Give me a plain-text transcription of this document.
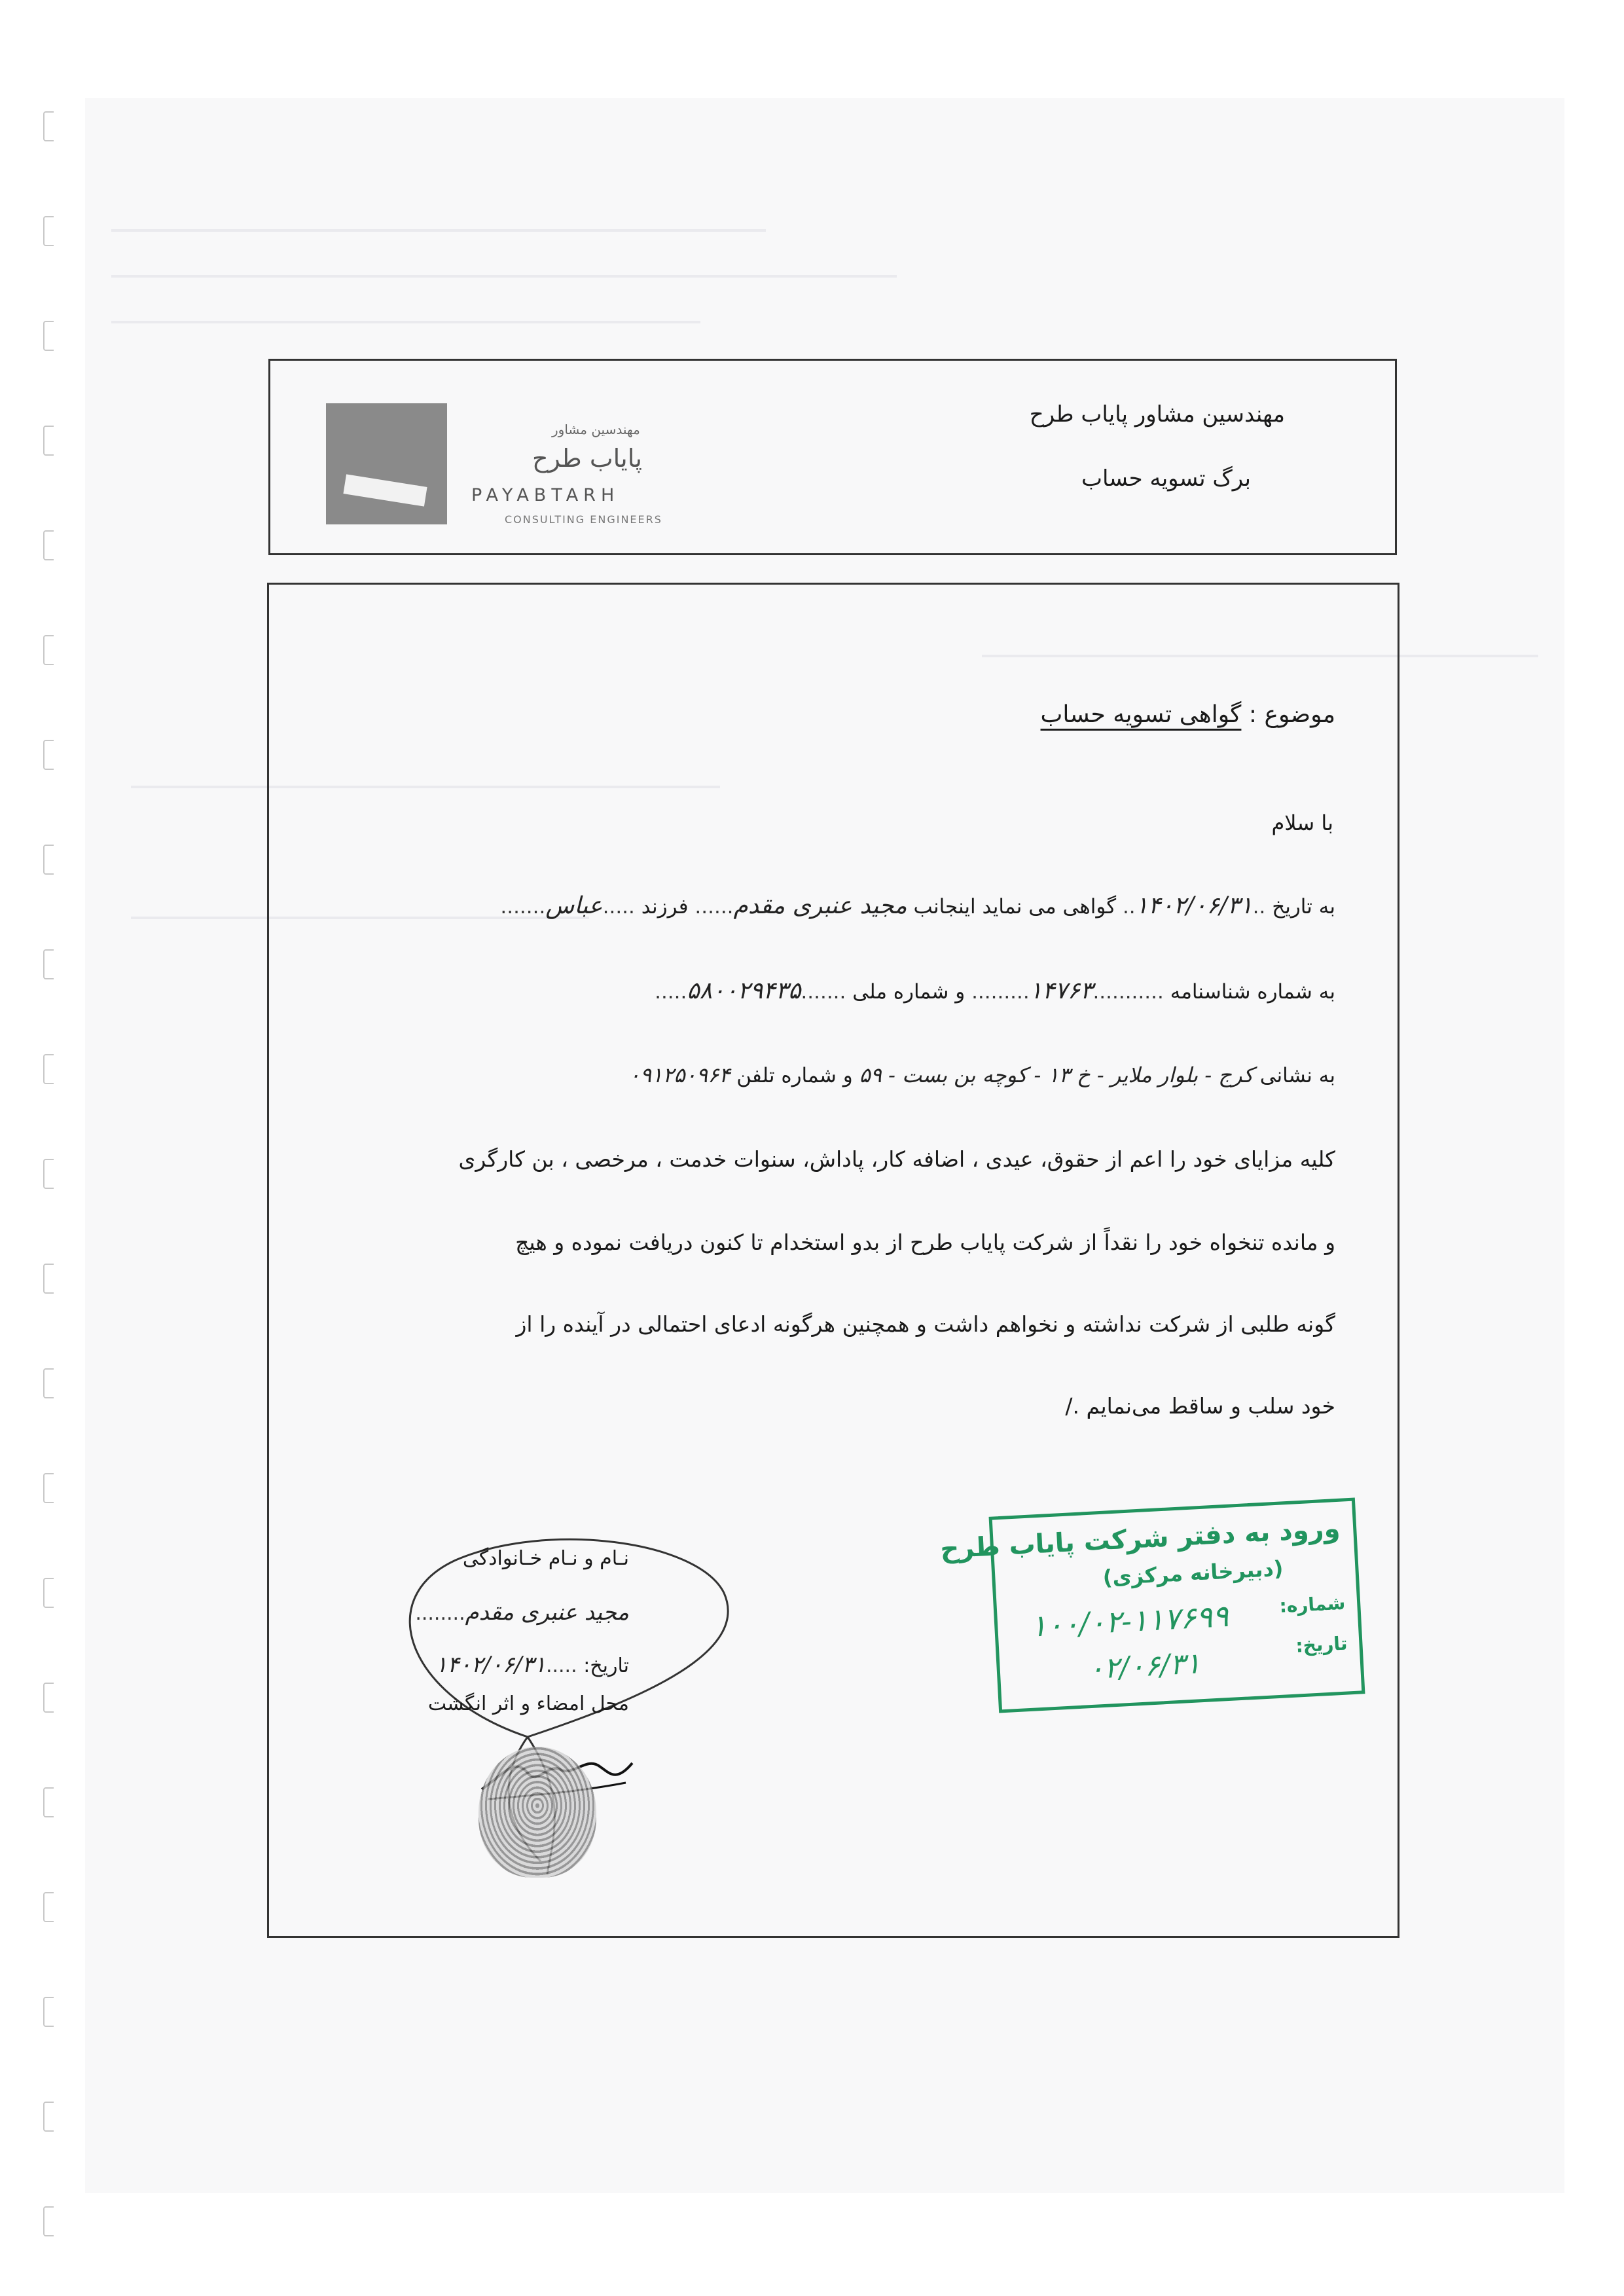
مهندسین مشاور پایاب طرح
برگ تسویه حساب
مهندسین مشاور
پایاب طرح
PAYABTARH
CONSULTING ENGINEERS
موضوع : گواهی تسویه حساب
با سلام
به تاریخ ..۱۴۰۲/۰۶/۳۱.. گواهی می نماید اینجانب مجید عنبری مقدم...... فرزند .....عباس.......
به شماره شناسنامه ...........۱۴۷۶۳......... و شماره ملی .......۵۸۰۰۲۹۴۳۵.....
به نشانی کرج - بلوار ملایر - خ ۱۳ - کوچه بن بست - ۵۹ و شماره تلفن ۰۹۱۲۵۰۹۶۴
کلیه مزایای خود را اعم از حقوق، عیدی ، اضافه کار، پاداش، سنوات خدمت ، مرخصی ، بن کارگری
و مانده تنخواه خود را نقداً از شرکت پایاب طرح از بدو استخدام تا کنون دریافت نموده و هیچ
گونه طلبی از شرکت نداشته و نخواهم داشت و همچنین هرگونه ادعای احتمالی در آینده را از
خود سلب و ساقط می‌نمایم ./
نـام و نـام خـانوادگی
مجید عنبری مقدم........
تاریخ: .....۱۴۰۲/۰۶/۳۱
محل امضاء و اثر انگشت
ورود به دفتر شرکت پایاب طرح
(دبیرخانه مرکزی)
شماره:
تاریخ:
۱۰۰/۰۲-۱۱۷۶۹۹
۰۲/۰۶/۳۱
